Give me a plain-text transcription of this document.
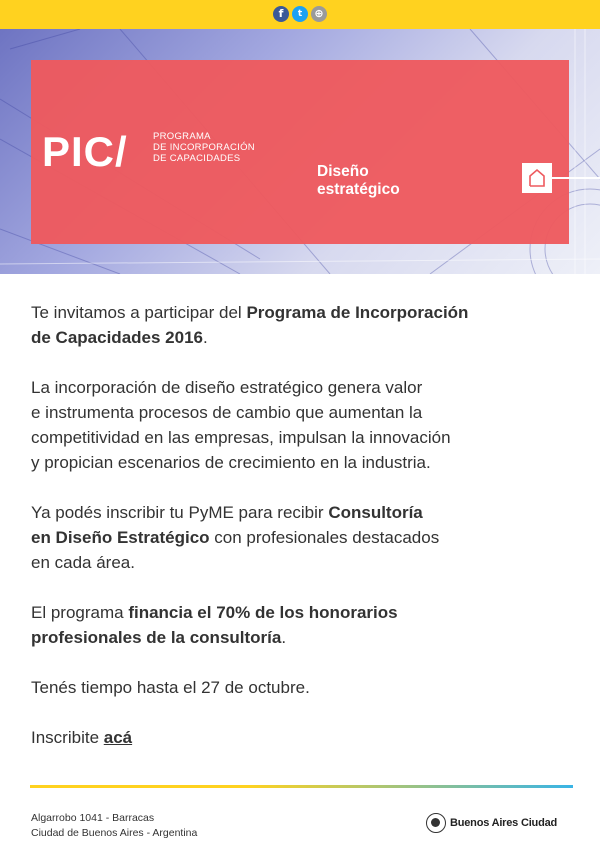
f	t	⊕
PIC/	PROGRAMA
DE INCORPORACIÓN
DE CAPACIDADES
Diseño
estratégico

Te invitamos a participar del Programa de Incorporación
de Capacidades 2016.

La incorporación de diseño estratégico genera valor
e instrumenta procesos de cambio que aumentan la
competitividad en las empresas, impulsan la innovación
y propician escenarios de crecimiento en la industria.

Ya podés inscribir tu PyME para recibir Consultoría
en Diseño Estratégico con profesionales destacados
en cada área.

El programa financia el 70% de los honorarios
profesionales de la consultoría.

Tenés tiempo hasta el 27 de octubre.

Inscribite acá

Algarrobo 1041 - Barracas
Ciudad de Buenos Aires - Argentina
Buenos Aires Ciudad
